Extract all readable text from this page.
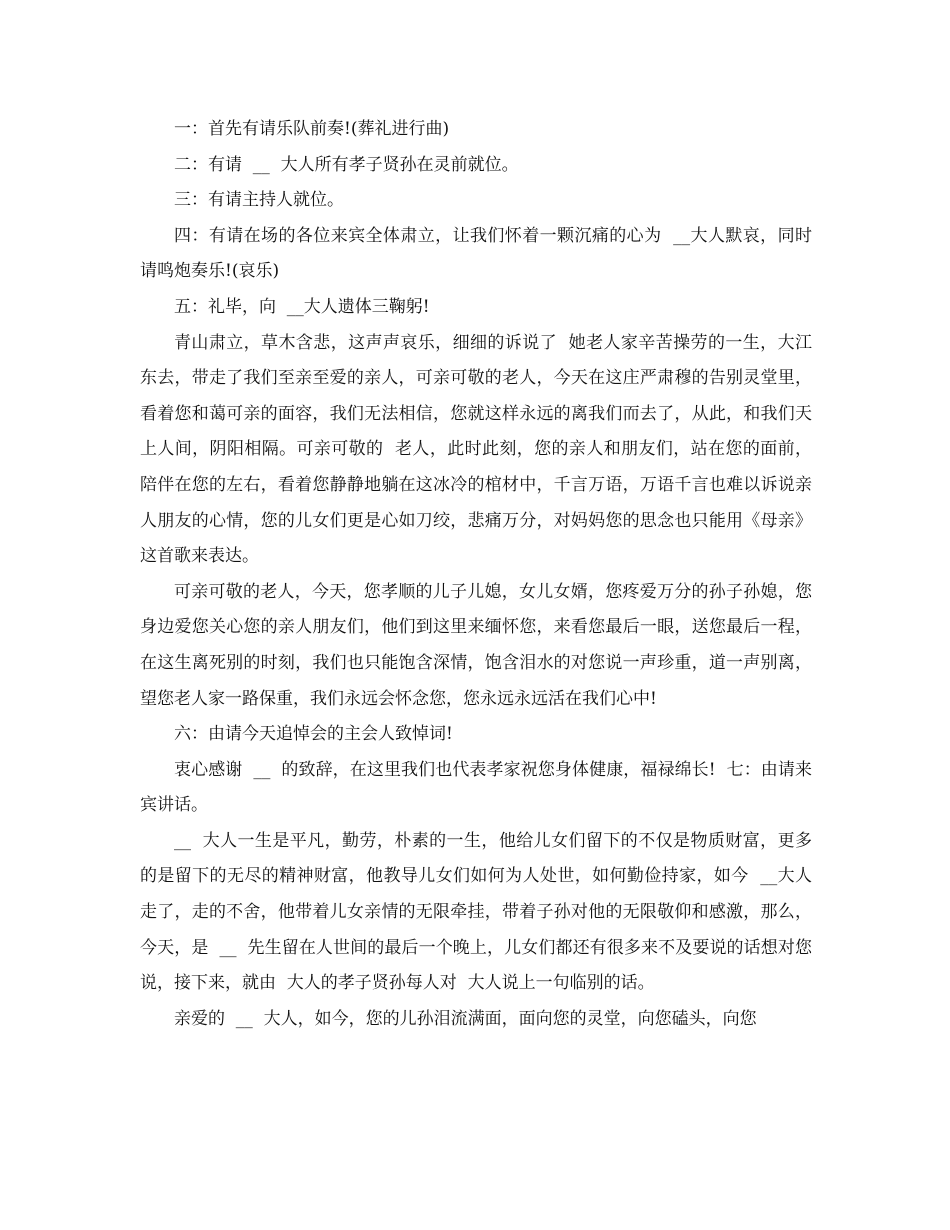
一：首先有请乐队前奏!(葬礼进行曲)

二：有请  __  大人所有孝子贤孙在灵前就位。

三：有请主持人就位。

四：有请在场的各位来宾全体肃立，让我们怀着一颗沉痛的心为  __大人默哀，同时请鸣炮奏乐!(哀乐)

五：礼毕，向  __大人遗体三鞠躬!

青山肃立，草木含悲，这声声哀乐，细细的诉说了  她老人家辛苦操劳的一生，大江东去，带走了我们至亲至爱的亲人，可亲可敬的老人，今天在这庄严肃穆的告别灵堂里，看着您和蔼可亲的面容，我们无法相信，您就这样永远的离我们而去了，从此，和我们天上人间，阴阳相隔。可亲可敬的  老人，此时此刻，您的亲人和朋友们，站在您的面前，陪伴在您的左右，看着您静静地躺在这冰冷的棺材中，千言万语，万语千言也难以诉说亲人朋友的心情，您的儿女们更是心如刀绞，悲痛万分，对妈妈您的思念也只能用《母亲》这首歌来表达。

可亲可敬的老人，今天，您孝顺的儿子儿媳，女儿女婿，您疼爱万分的孙子孙媳，您身边爱您关心您的亲人朋友们，他们到这里来缅怀您，来看您最后一眼，送您最后一程，在这生离死别的时刻，我们也只能饱含深情，饱含泪水的对您说一声珍重，道一声别离，望您老人家一路保重，我们永远会怀念您，您永远永远活在我们心中!

六：由请今天追悼会的主会人致悼词!

衷心感谢  __  的致辞，在这里我们也代表孝家祝您身体健康，福禄绵长!  七：由请来宾讲话。

__  大人一生是平凡，勤劳，朴素的一生，他给儿女们留下的不仅是物质财富，更多的是留下的无尽的精神财富，他教导儿女们如何为人处世，如何勤俭持家，如今  __大人走了，走的不舍，他带着儿女亲情的无限牵挂，带着子孙对他的无限敬仰和感激，那么，今天，是  __  先生留在人世间的最后一个晚上，儿女们都还有很多来不及要说的话想对您说，接下来，就由  大人的孝子贤孙每人对  大人说上一句临别的话。

亲爱的  __  大人，如今，您的儿孙泪流满面，面向您的灵堂，向您磕头，向您
